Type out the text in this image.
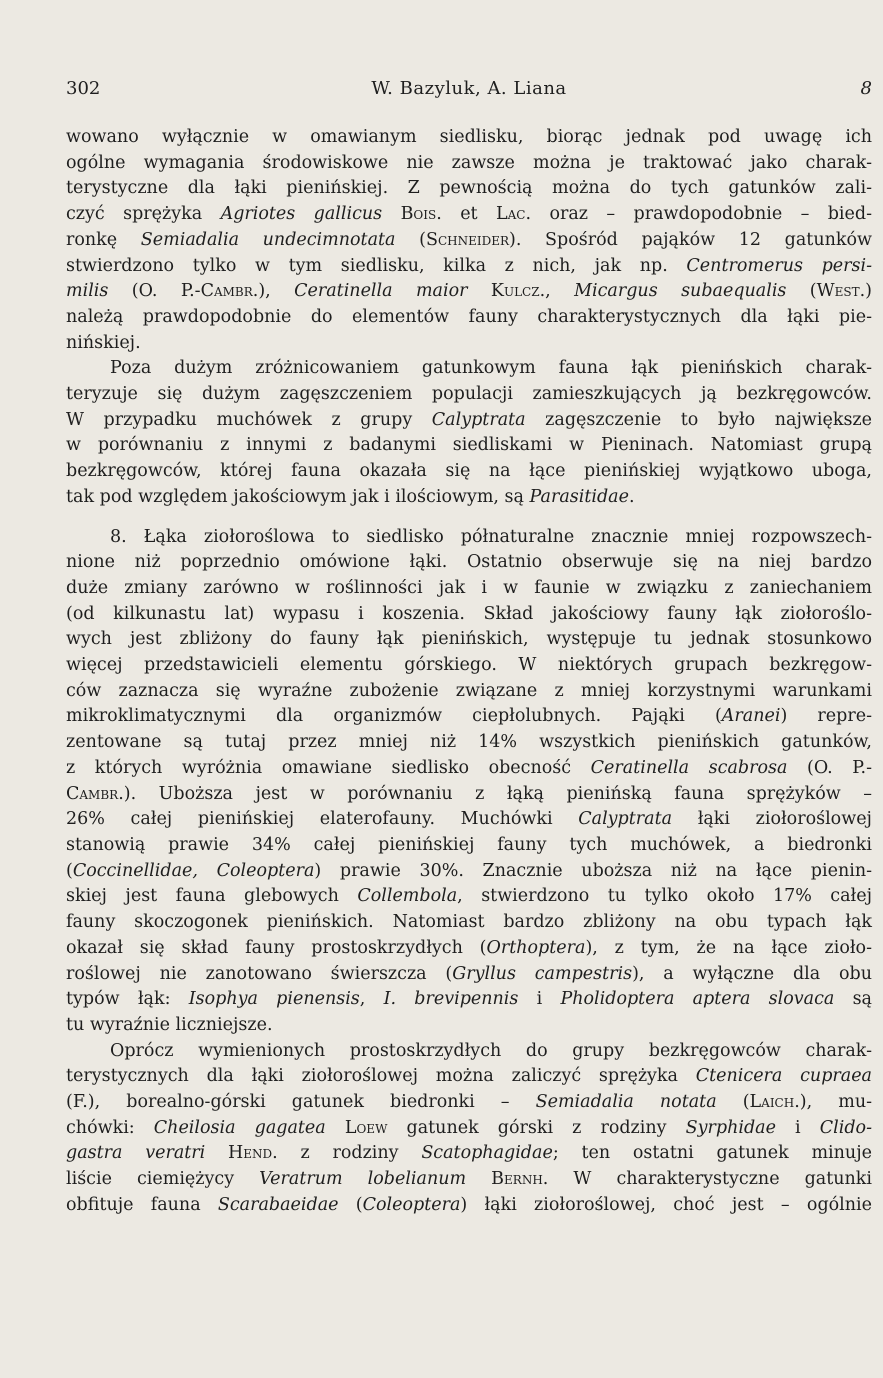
302	W. Bazyluk, A. Liana	8

wowano wyłącznie w omawianym siedlisku, biorąc jednak pod uwagę ich
ogólne wymagania środowiskowe nie zawsze można je traktować jako charak-
terystyczne dla łąki pienińskiej. Z pewnością można do tych gatunków zali-
czyć sprężyka Agriotes gallicus Bois. et Lac. oraz – prawdopodobnie – bied-
ronkę Semiadalia undecimnotata (Schneider). Spośród pająków 12 gatunków
stwierdzono tylko w tym siedlisku, kilka z nich, jak np. Centromerus persi-
milis (O. P.-Cambr.), Ceratinella maior Kulcz., Micargus subaequalis (West.)
należą prawdopodobnie do elementów fauny charakterystycznych dla łąki pie-
nińskiej.

Poza dużym zróżnicowaniem gatunkowym fauna łąk pienińskich charak-
teryzuje się dużym zagęszczeniem populacji zamieszkujących ją bezkręgowców.
W przypadku muchówek z grupy Calyptrata zagęszczenie to było największe
w porównaniu z innymi z badanymi siedliskami w Pieninach. Natomiast grupą
bezkręgowców, której fauna okazała się na łące pienińskiej wyjątkowo uboga,
tak pod względem jakościowym jak i ilościowym, są Parasitidae.

8. Łąka ziołoroślowa to siedlisko półnaturalne znacznie mniej rozpowszech-
nione niż poprzednio omówione łąki. Ostatnio obserwuje się na niej bardzo
duże zmiany zarówno w roślinności jak i w faunie w związku z zaniechaniem
(od kilkunastu lat) wypasu i koszenia. Skład jakościowy fauny łąk ziołoroślo-
wych jest zbliżony do fauny łąk pienińskich, występuje tu jednak stosunkowo
więcej przedstawicieli elementu górskiego. W niektórych grupach bezkręgow-
ców zaznacza się wyraźne zubożenie związane z mniej korzystnymi warunkami
mikroklimatycznymi dla organizmów ciepłolubnych. Pająki (Aranei) repre-
zentowane są tutaj przez mniej niż 14% wszystkich pienińskich gatunków,
z których wyróżnia omawiane siedlisko obecność Ceratinella scabrosa (O. P.-
Cambr.). Uboższa jest w porównaniu z łąką pienińską fauna sprężyków –
26% całej pienińskiej elaterofauny. Muchówki Calyptrata łąki ziołoroślowej
stanowią prawie 34% całej pienińskiej fauny tych muchówek, a biedronki
(Coccinellidae, Coleoptera) prawie 30%. Znacznie uboższa niż na łące pienin-
skiej jest fauna glebowych Collembola, stwierdzono tu tylko około 17% całej
fauny skoczogonek pienińskich. Natomiast bardzo zbliżony na obu typach łąk
okazał się skład fauny prostoskrzydłych (Orthoptera), z tym, że na łące zioło-
roślowej nie zanotowano świerszcza (Gryllus campestris), a wyłączne dla obu
typów łąk: Isophya pienensis, I. brevipennis i Pholidoptera aptera slovaca są
tu wyraźnie liczniejsze.

Oprócz wymienionych prostoskrzydłych do grupy bezkręgowców charak-
terystycznych dla łąki ziołoroślowej można zaliczyć sprężyka Ctenicera cupraea
(F.), borealno-górski gatunek biedronki – Semiadalia notata (Laich.), mu-
chówki: Cheilosia gagatea Loew gatunek górski z rodziny Syrphidae i Clido-
gastra veratri Hend. z rodziny Scatophagidae; ten ostatni gatunek minuje
liście ciemiężycy Veratrum lobelianum Bernh. W charakterystyczne gatunki
obfituje fauna Scarabaeidae (Coleoptera) łąki ziołoroślowej, choć jest – ogólnie
